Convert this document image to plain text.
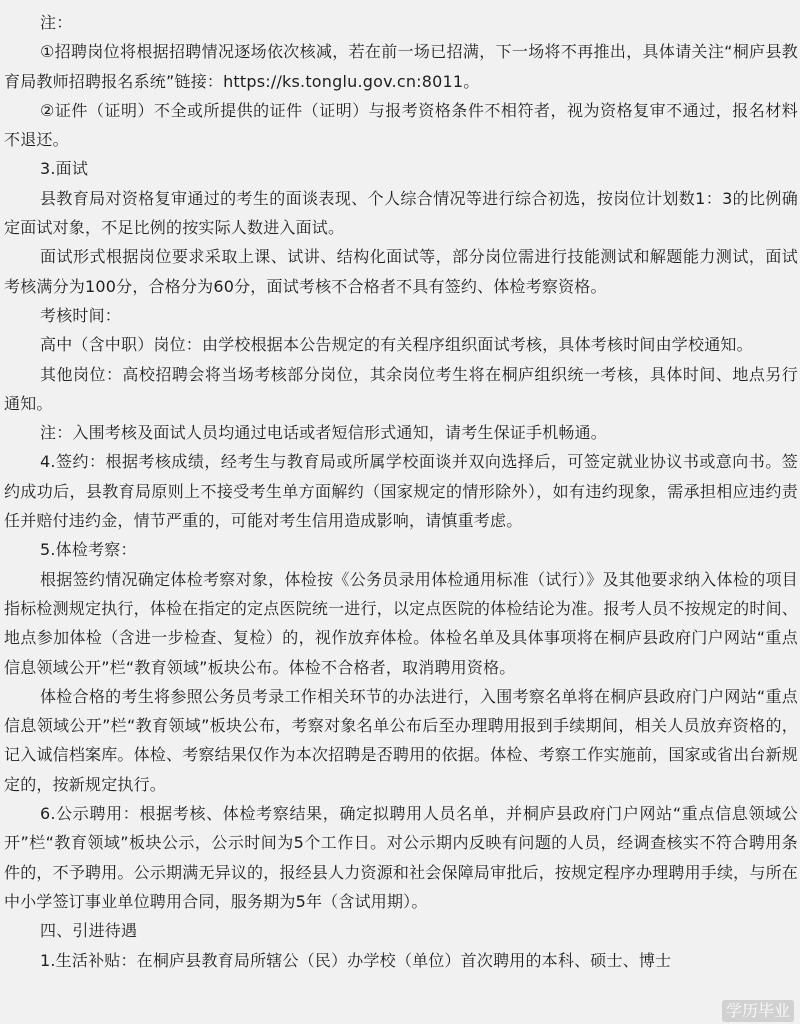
注：

①招聘岗位将根据招聘情况逐场依次核减，若在前一场已招满，下一场将不再推出，具体请关注“桐庐县教育局教师招聘报名系统”链接：https://ks.tonglu.gov.cn:8011。

②证件（证明）不全或所提供的证件（证明）与报考资格条件不相符者，视为资格复审不通过，报名材料不退还。

3.面试

县教育局对资格复审通过的考生的面谈表现、个人综合情况等进行综合初选，按岗位计划数1：3的比例确定面试对象，不足比例的按实际人数进入面试。

面试形式根据岗位要求采取上课、试讲、结构化面试等，部分岗位需进行技能测试和解题能力测试，面试考核满分为100分，合格分为60分，面试考核不合格者不具有签约、体检考察资格。

考核时间：

高中（含中职）岗位：由学校根据本公告规定的有关程序组织面试考核，具体考核时间由学校通知。

其他岗位：高校招聘会将当场考核部分岗位，其余岗位考生将在桐庐组织统一考核，具体时间、地点另行通知。

注：入围考核及面试人员均通过电话或者短信形式通知，请考生保证手机畅通。

4.签约：根据考核成绩，经考生与教育局或所属学校面谈并双向选择后，可签定就业协议书或意向书。签约成功后，县教育局原则上不接受考生单方面解约（国家规定的情形除外），如有违约现象，需承担相应违约责任并赔付违约金，情节严重的，可能对考生信用造成影响，请慎重考虑。

5.体检考察：

根据签约情况确定体检考察对象，体检按《公务员录用体检通用标准（试行）》及其他要求纳入体检的项目指标检测规定执行，体检在指定的定点医院统一进行，以定点医院的体检结论为准。报考人员不按规定的时间、地点参加体检（含进一步检查、复检）的，视作放弃体检。体检名单及具体事项将在桐庐县政府门户网站“重点信息领域公开”栏“教育领域”板块公布。体检不合格者，取消聘用资格。

体检合格的考生将参照公务员考录工作相关环节的办法进行，入围考察名单将在桐庐县政府门户网站“重点信息领域公开”栏“教育领域”板块公布，考察对象名单公布后至办理聘用报到手续期间，相关人员放弃资格的，记入诚信档案库。体检、考察结果仅作为本次招聘是否聘用的依据。体检、考察工作实施前，国家或省出台新规定的，按新规定执行。

6.公示聘用：根据考核、体检考察结果，确定拟聘用人员名单，并桐庐县政府门户网站“重点信息领域公开”栏“教育领域”板块公示，公示时间为5个工作日。对公示期内反映有问题的人员，经调查核实不符合聘用条件的，不予聘用。公示期满无异议的，报经县人力资源和社会保障局审批后，按规定程序办理聘用手续，与所在中小学签订事业单位聘用合同，服务期为5年（含试用期）。

四、引进待遇

1.生活补贴：在桐庐县教育局所辖公（民）办学校（单位）首次聘用的本科、硕士、博士

学历毕业
